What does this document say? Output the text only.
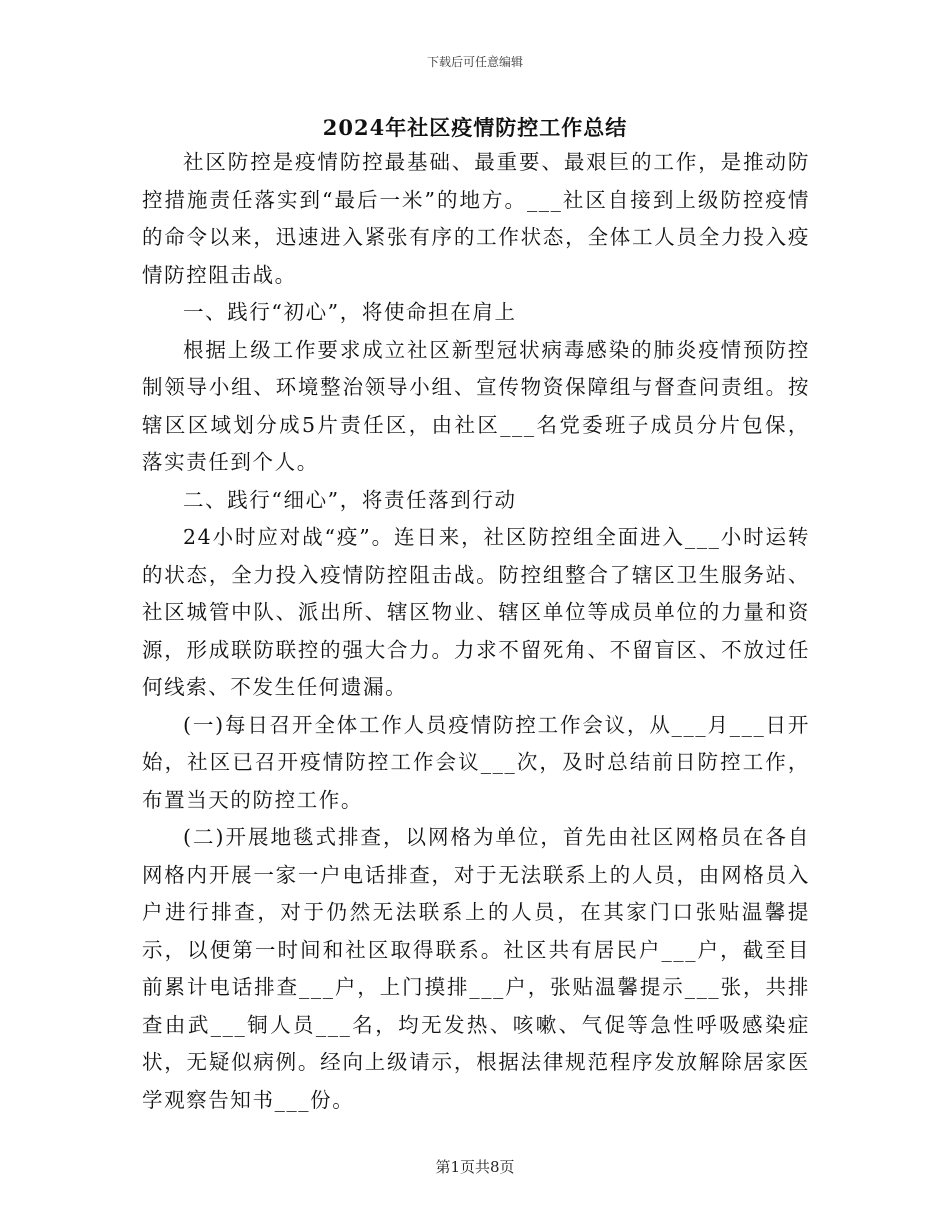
下载后可任意编辑
2024年社区疫情防控工作总结

社区防控是疫情防控最基础、最重要、最艰巨的工作，是推动防控措施责任落实到“最后一米”的地方。___社区自接到上级防控疫情的命令以来，迅速进入紧张有序的工作状态，全体工人员全力投入疫情防控阻击战。

一、践行“初心”，将使命担在肩上

根据上级工作要求成立社区新型冠状病毒感染的肺炎疫情预防控制领导小组、环境整治领导小组、宣传物资保障组与督查问责组。按辖区区域划分成5片责任区，由社区___名党委班子成员分片包保，落实责任到个人。

二、践行“细心”，将责任落到行动

24小时应对战“疫”。连日来，社区防控组全面进入___小时运转的状态，全力投入疫情防控阻击战。防控组整合了辖区卫生服务站、社区城管中队、派出所、辖区物业、辖区单位等成员单位的力量和资源，形成联防联控的强大合力。力求不留死角、不留盲区、不放过任何线索、不发生任何遗漏。

(一)每日召开全体工作人员疫情防控工作会议，从___月___日开始，社区已召开疫情防控工作会议___次，及时总结前日防控工作，布置当天的防控工作。

(二)开展地毯式排查，以网格为单位，首先由社区网格员在各自网格内开展一家一户电话排查，对于无法联系上的人员，由网格员入户进行排查，对于仍然无法联系上的人员，在其家门口张贴温馨提示，以便第一时间和社区取得联系。社区共有居民户___户，截至目前累计电话排查___户，上门摸排___户，张贴温馨提示___张，共排查由武___铜人员___名，均无发热、咳嗽、气促等急性呼吸感染症状，无疑似病例。经向上级请示，根据法律规范程序发放解除居家医学观察告知书___份。

第1页共8页
